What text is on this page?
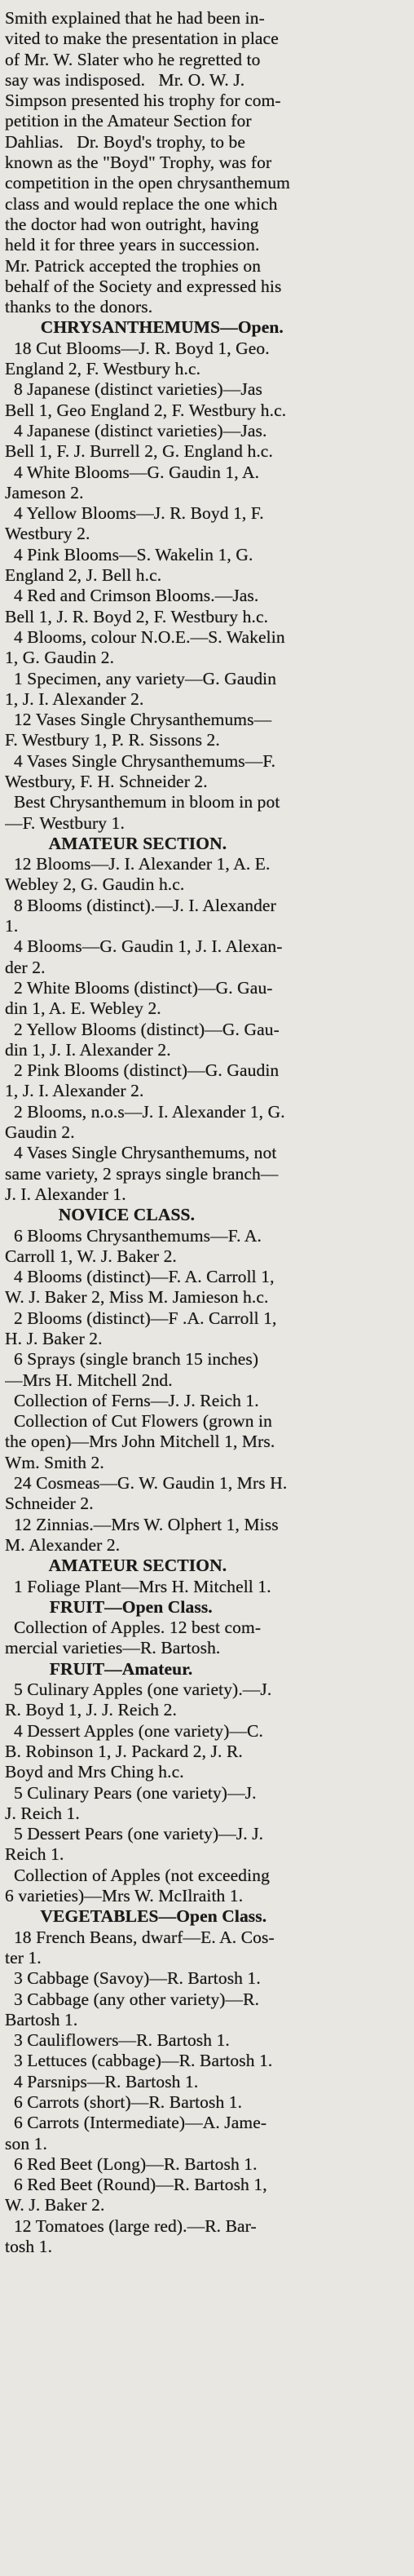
Smith explained that he had been in-
vited to make the presentation in place
of Mr. W. Slater who he regretted to
say was indisposed.   Mr. O. W. J.
Simpson presented his trophy for com-
petition in the Amateur Section for
Dahlias.   Dr. Boyd's trophy, to be
known as the "Boyd" Trophy, was for
competition in the open chrysanthemum
class and would replace the one which
the doctor had won outright, having
held it for three years in succession.
Mr. Patrick accepted the trophies on
behalf of the Society and expressed his
thanks to the donors.
CHRYSANTHEMUMS—Open.
18 Cut Blooms—J. R. Boyd 1, Geo.
England 2, F. Westbury h.c.
8 Japanese (distinct varieties)—Jas
Bell 1, Geo England 2, F. Westbury h.c.
4 Japanese (distinct varieties)—Jas.
Bell 1, F. J. Burrell 2, G. England h.c.
4 White Blooms—G. Gaudin 1, A.
Jameson 2.
4 Yellow Blooms—J. R. Boyd 1, F.
Westbury 2.
4 Pink Blooms—S. Wakelin 1, G.
England 2, J. Bell h.c.
4 Red and Crimson Blooms.—Jas.
Bell 1, J. R. Boyd 2, F. Westbury h.c.
4 Blooms, colour N.O.E.—S. Wakelin
1, G. Gaudin 2.
1 Specimen, any variety—G. Gaudin
1, J. I. Alexander 2.
12 Vases Single Chrysanthemums—
F. Westbury 1, P. R. Sissons 2.
4 Vases Single Chrysanthemums—F.
Westbury, F. H. Schneider 2.
Best Chrysanthemum in bloom in pot
—F. Westbury 1.
AMATEUR SECTION.
12 Blooms—J. I. Alexander 1, A. E.
Webley 2, G. Gaudin h.c.
8 Blooms (distinct).—J. I. Alexander
1.
4 Blooms—G. Gaudin 1, J. I. Alexan-
der 2.
2 White Blooms (distinct)—G. Gau-
din 1, A. E. Webley 2.
2 Yellow Blooms (distinct)—G. Gau-
din 1, J. I. Alexander 2.
2 Pink Blooms (distinct)—G. Gaudin
1, J. I. Alexander 2.
2 Blooms, n.o.s—J. I. Alexander 1, G.
Gaudin 2.
4 Vases Single Chrysanthemums, not
same variety, 2 sprays single branch—
J. I. Alexander 1.
NOVICE CLASS.
6 Blooms Chrysanthemums—F. A.
Carroll 1, W. J. Baker 2.
4 Blooms (distinct)—F. A. Carroll 1,
W. J. Baker 2, Miss M. Jamieson h.c.
2 Blooms (distinct)—F .A. Carroll 1,
H. J. Baker 2.
6 Sprays (single branch 15 inches)
—Mrs H. Mitchell 2nd.
Collection of Ferns—J. J. Reich 1.
Collection of Cut Flowers (grown in
the open)—Mrs John Mitchell 1, Mrs.
Wm. Smith 2.
24 Cosmeas—G. W. Gaudin 1, Mrs H.
Schneider 2.
12 Zinnias.—Mrs W. Olphert 1, Miss
M. Alexander 2.
AMATEUR SECTION.
1 Foliage Plant—Mrs H. Mitchell 1.
FRUIT—Open Class.
Collection of Apples. 12 best com-
mercial varieties—R. Bartosh.
FRUIT—Amateur.
5 Culinary Apples (one variety).—J.
R. Boyd 1, J. J. Reich 2.
4 Dessert Apples (one variety)—C.
B. Robinson 1, J. Packard 2, J. R.
Boyd and Mrs Ching h.c.
5 Culinary Pears (one variety)—J.
J. Reich 1.
5 Dessert Pears (one variety)—J. J.
Reich 1.
Collection of Apples (not exceeding
6 varieties)—Mrs W. McIlraith 1.
VEGETABLES—Open Class.
18 French Beans, dwarf—E. A. Cos-
ter 1.
3 Cabbage (Savoy)—R. Bartosh 1.
3 Cabbage (any other variety)—R.
Bartosh 1.
3 Cauliflowers—R. Bartosh 1.
3 Lettuces (cabbage)—R. Bartosh 1.
4 Parsnips—R. Bartosh 1.
6 Carrots (short)—R. Bartosh 1.
6 Carrots (Intermediate)—A. Jame-
son 1.
6 Red Beet (Long)—R. Bartosh 1.
6 Red Beet (Round)—R. Bartosh 1,
W. J. Baker 2.
12 Tomatoes (large red).—R. Bar-
tosh 1.
